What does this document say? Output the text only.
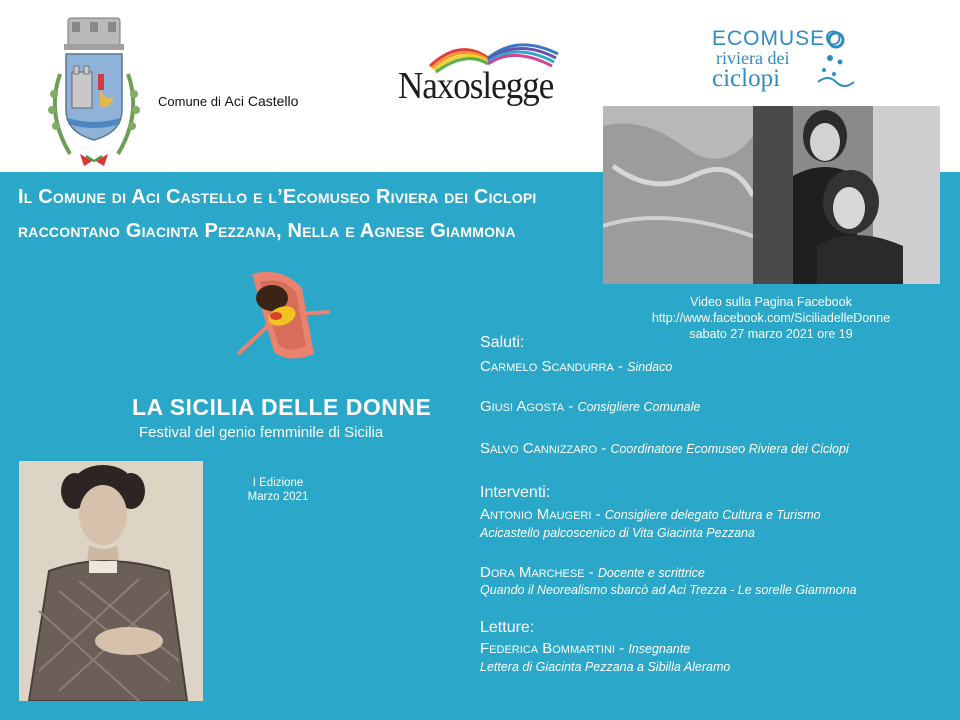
Comune di Aci Castello	Naxoslegge
ECOMUSEO
riviera dei
ciclopi
Video sulla Pagina Facebook
http://www.facebook.com/SiciliadelleDonne
sabato 27 marzo 2021 ore 19
Il Comune di Aci Castello e l’Ecomuseo Riviera dei Ciclopi
raccontano Giacinta Pezzana, Nella e Agnese Giammona
LA SICILIA DELLE DONNE
Festival del genio femminile di Sicilia
I Edizione
Marzo 2021
Saluti:
Carmelo Scandurra - Sindaco
Giusi Agosta - Consigliere Comunale
Salvo Cannizzaro - Coordinatore Ecomuseo Riviera dei Ciclopi
Interventi:
Antonio Maugeri - Consigliere delegato Cultura e Turismo
Acicastello palcoscenico di Vita Giacinta Pezzana
Dora Marchese - Docente e scrittrice
Quando il Neorealismo sbarcò ad Aci Trezza - Le sorelle Giammona
Letture:
Federica Bommartini - Insegnante
Lettera di Giacinta Pezzana a Sibilla Aleramo
